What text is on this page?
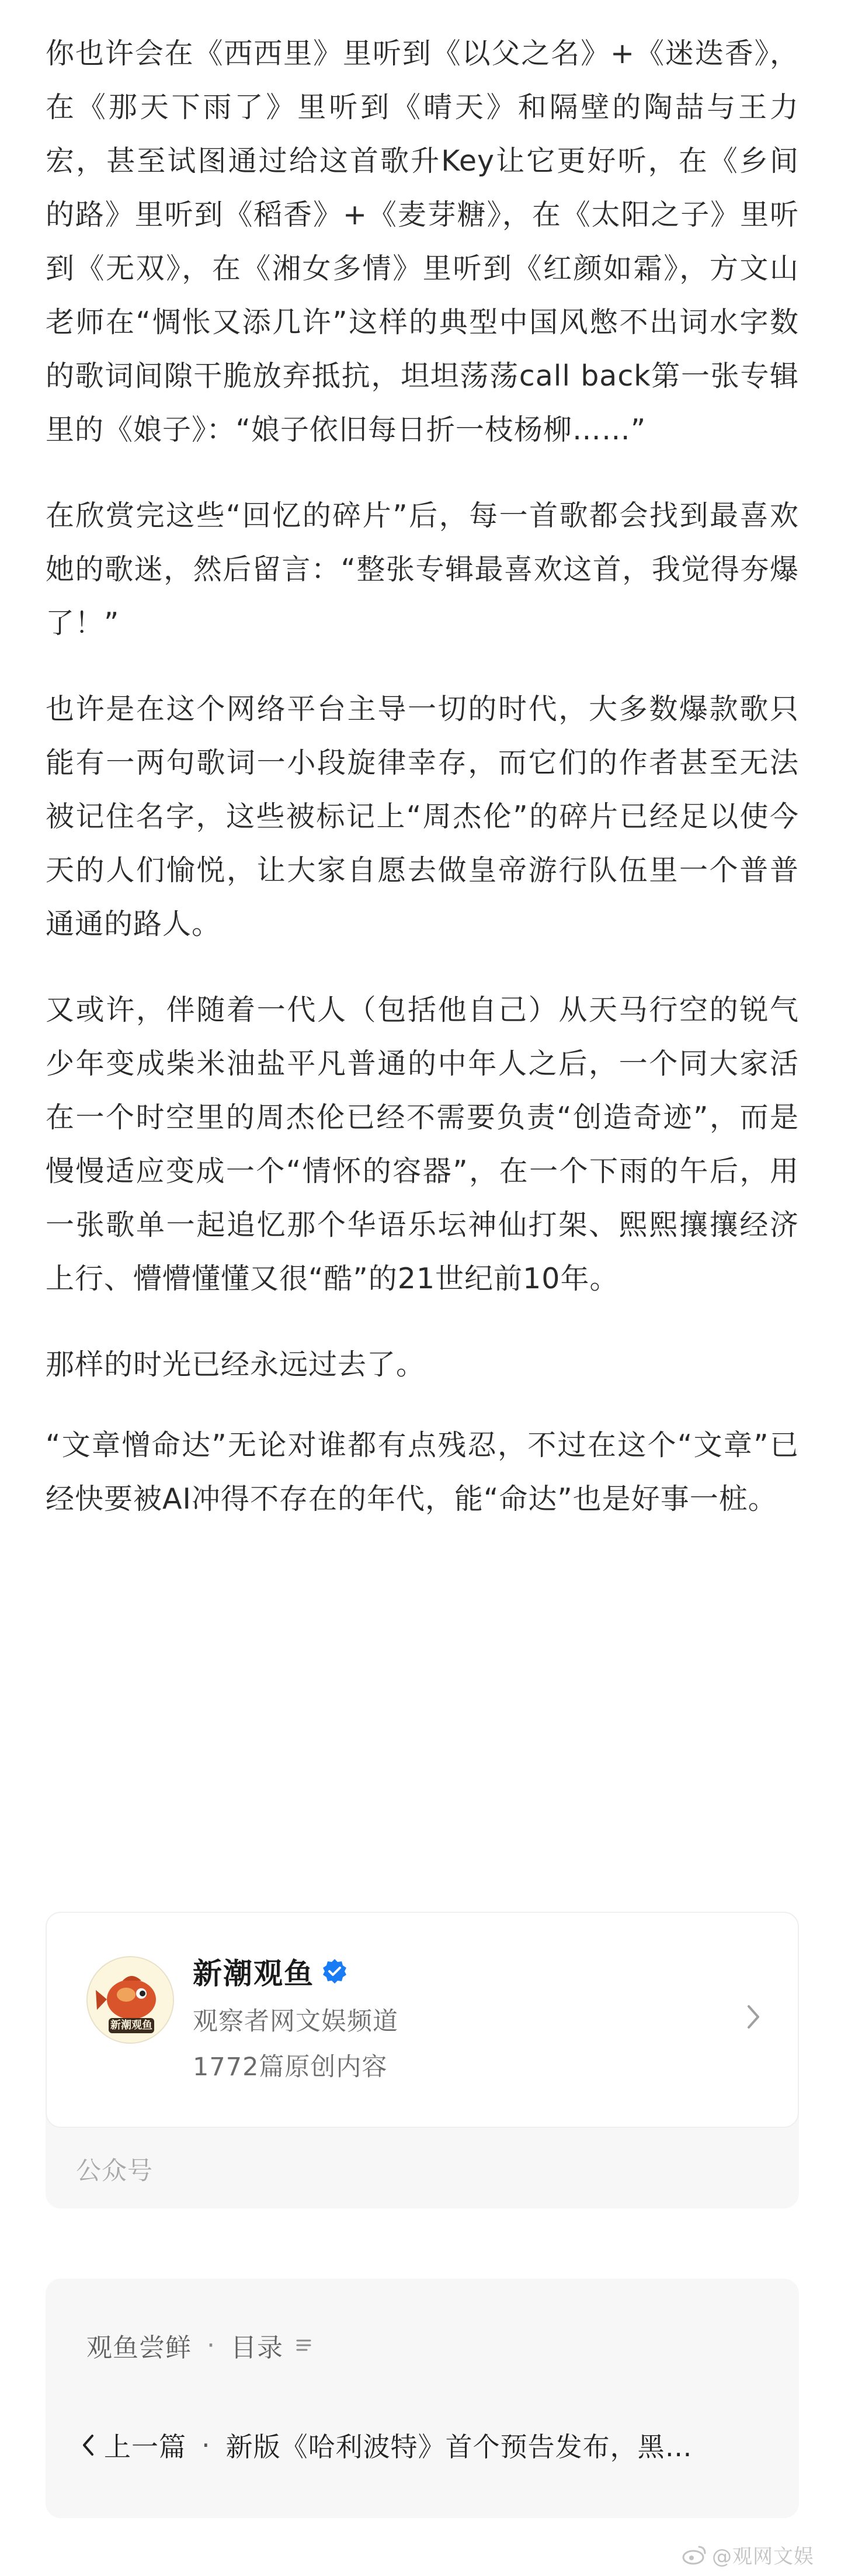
你也许会在《西西里》里听到《以父之名》+《迷迭香》，在《那天下雨了》里听到《晴天》和隔壁的陶喆与王力宏，甚至试图通过给这首歌升Key让它更好听，在《乡间的路》里听到《稻香》+《麦芽糖》，在《太阳之子》里听到《无双》，在《湘女多情》里听到《红颜如霜》，方文山老师在“惆怅又添几许”这样的典型中国风憋不出词水字数的歌词间隙干脆放弃抵抗，坦坦荡荡call back第一张专辑里的《娘子》：“娘子依旧每日折一枝杨柳……”

在欣赏完这些“回忆的碎片”后，每一首歌都会找到最喜欢她的歌迷，然后留言：“整张专辑最喜欢这首，我觉得夯爆了！”

也许是在这个网络平台主导一切的时代，大多数爆款歌只能有一两句歌词一小段旋律幸存，而它们的作者甚至无法被记住名字，这些被标记上“周杰伦”的碎片已经足以使今天的人们愉悦，让大家自愿去做皇帝游行队伍里一个普普通通的路人。

又或许，伴随着一代人（包括他自己）从天马行空的锐气少年变成柴米油盐平凡普通的中年人之后，一个同大家活在一个时空里的周杰伦已经不需要负责“创造奇迹”，而是慢慢适应变成一个“情怀的容器”，在一个下雨的午后，用一张歌单一起追忆那个华语乐坛神仙打架、熙熙攘攘经济上行、懵懵懂懂又很“酷”的21世纪前10年。

那样的时光已经永远过去了。

“文章憎命达”无论对谁都有点残忍，不过在这个“文章”已经快要被AI冲得不存在的年代，能“命达”也是好事一桩。

新潮观鱼
新潮观鱼
观察者网文娱频道
1772篇原创内容
公众号
观鱼尝鲜 · 目录
上一篇 · 新版《哈利波特》首个预告发布，黑…
@观网文娱
